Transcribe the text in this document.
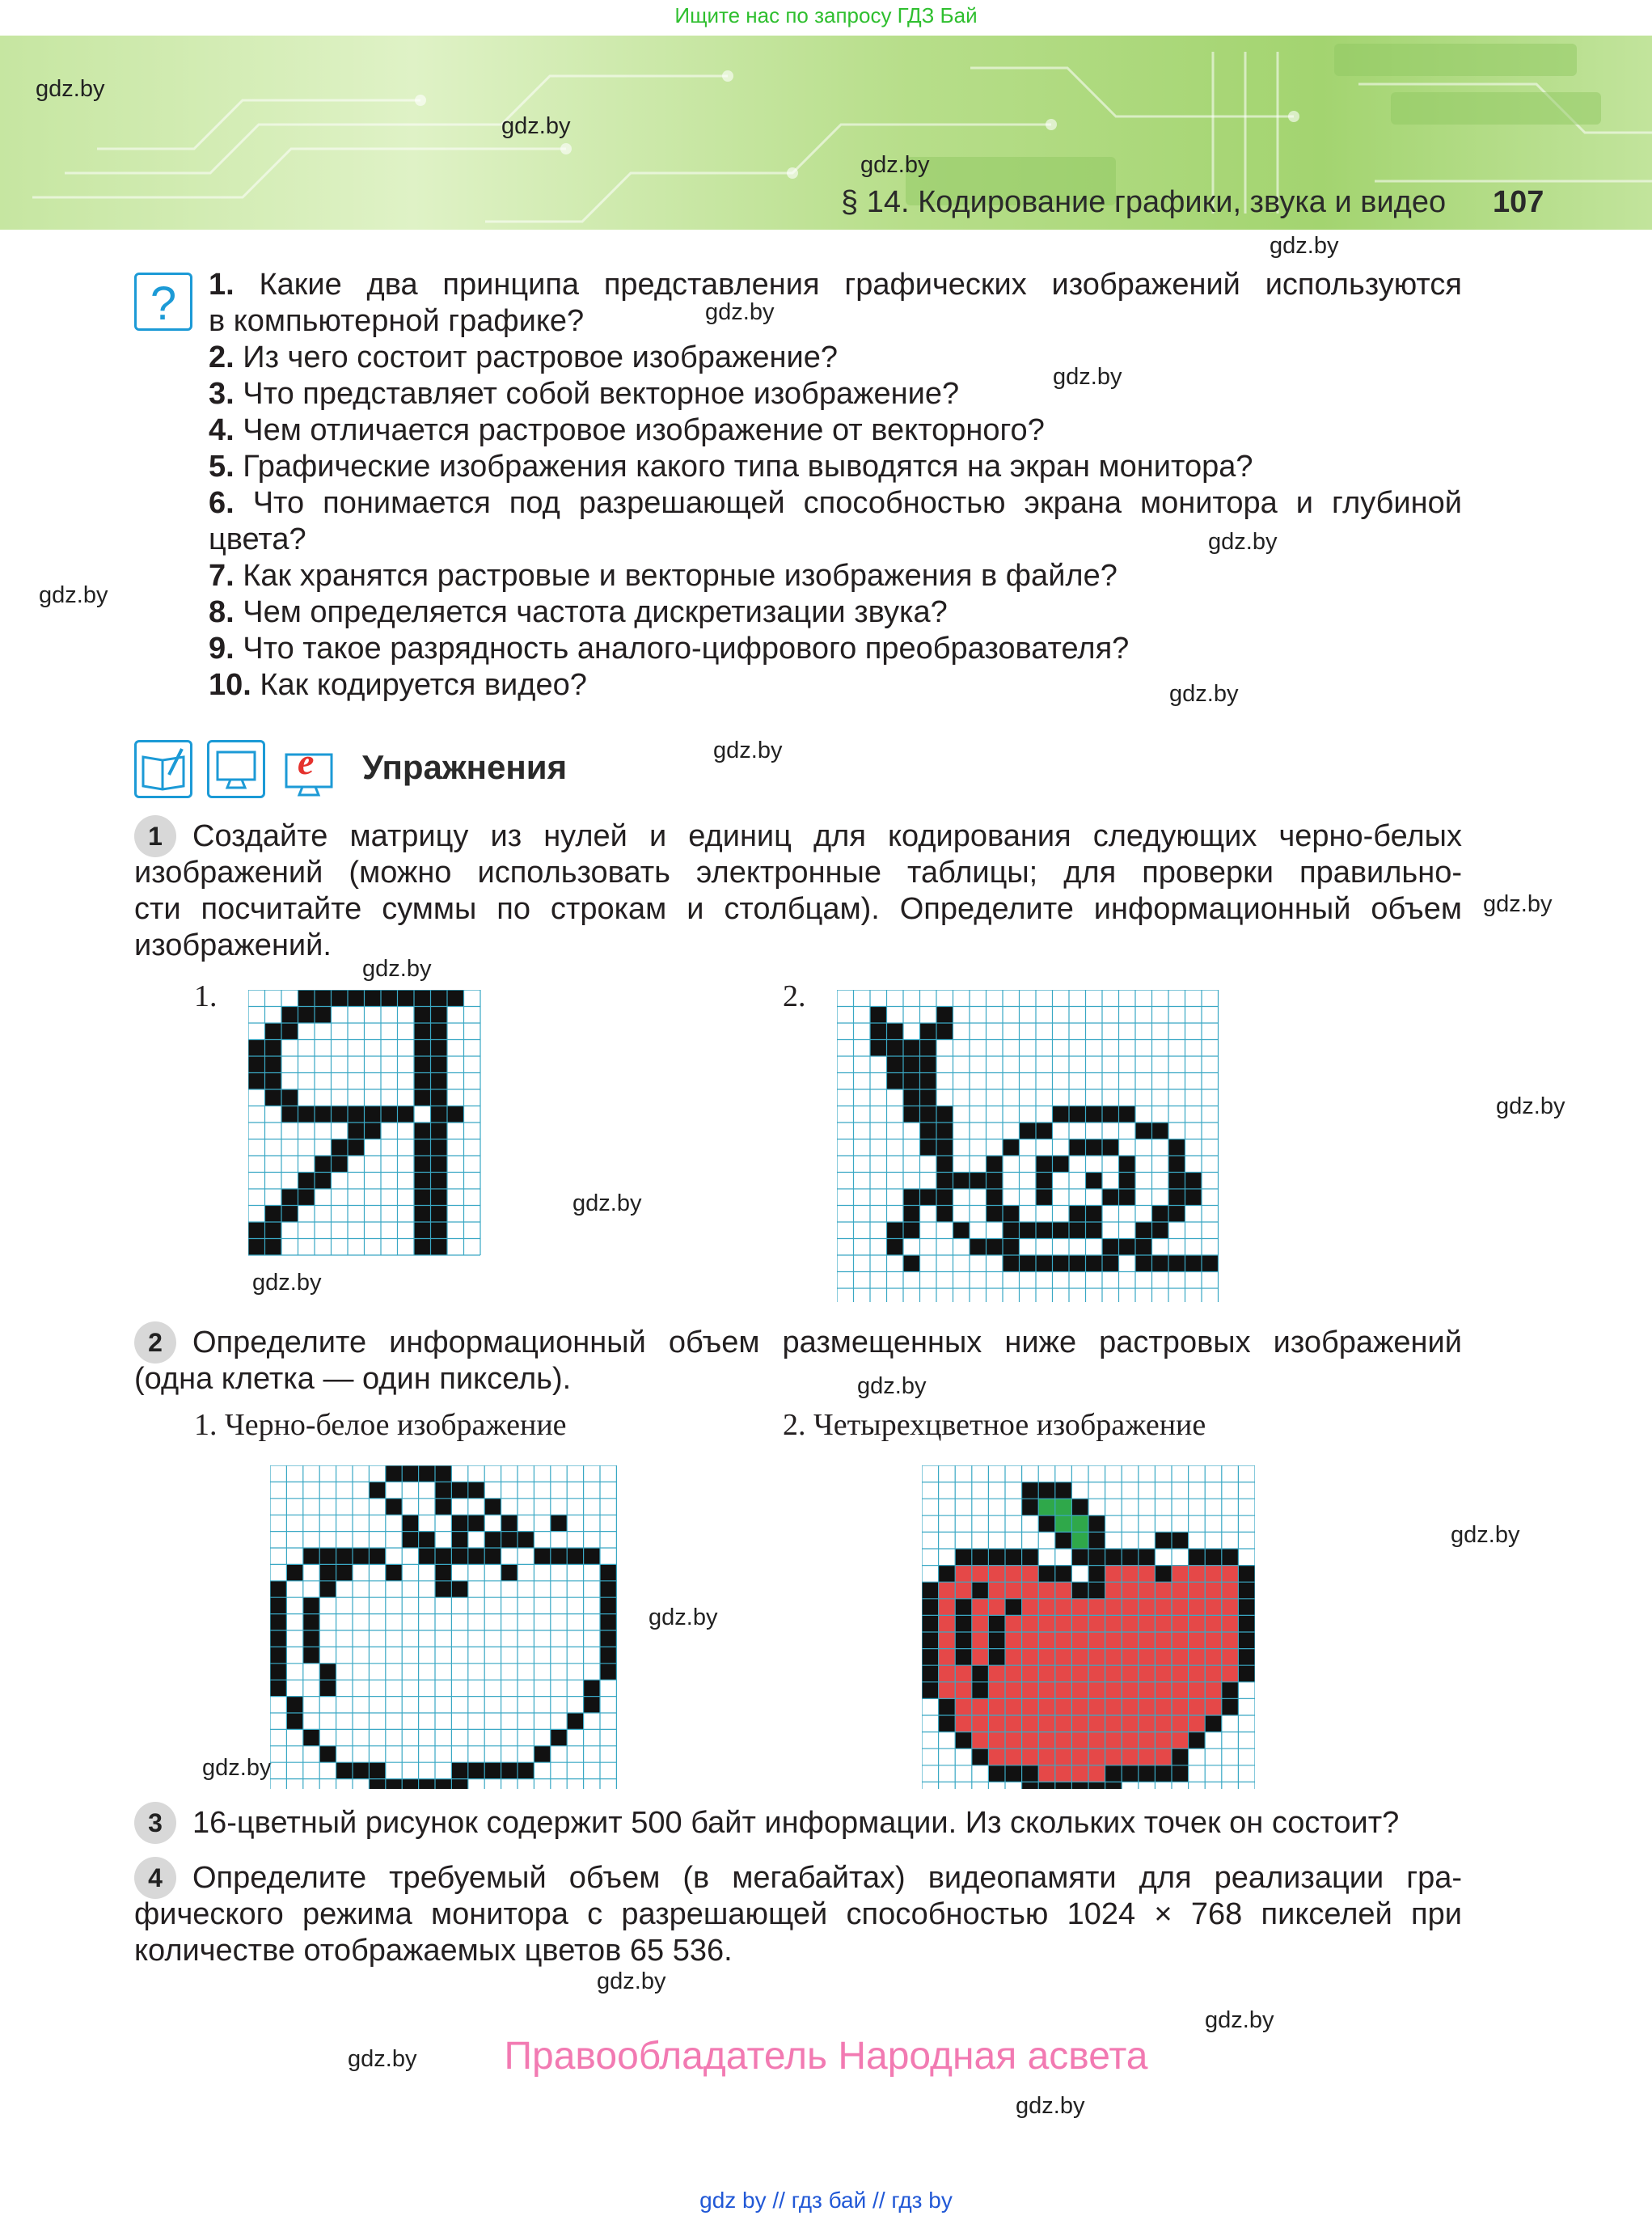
Ищите нас по запросу ГДЗ Бай
§ 14. Кодирование графики, звука и видео 107
gdz.by
gdz.by
gdz.by
gdz.by
gdz.by
gdz.by
gdz.by
gdz.by
gdz.by
gdz.by
gdz.by
gdz.by
gdz.by
gdz.by
gdz.by
gdz.by
gdz.by
gdz.by
gdz.by
gdz.by
gdz.by
gdz.by
gdz.by
?	1. Какие два принципа представления графических изображений используются
в компьютерной графике?
2. Из чего состоит растровое изображение?
3. Что представляет собой векторное изображение?
4. Чем отличается растровое изображение от векторного?
5. Графические изображения какого типа выводятся на экран монитора?
6. Что понимается под разрешающей способностью экрана монитора и глубиной
цвета?
7. Как хранятся растровые и векторные изображения в файле?
8. Чем определяется частота дискретизации звука?
9. Что такое разрядность аналого-цифрового преобразователя?
10. Как кодируется видео?
e Упражнения
1 Создайте матрицу из нулей и единиц для кодирования следующих черно-белых
изображений (можно использовать электронные таблицы; для проверки правильно-
сти посчитайте суммы по строкам и столбцам). Определите информационный объем
изображений.
1.	2.
2 Определите информационный объем размещенных ниже растровых изображений
(одна клетка — один пиксель).
1. Черно-белое изображение	2. Четырехцветное изображение
3 16-цветный рисунок содержит 500 байт информации. Из скольких точек он состоит?
4 Определите требуемый объем (в мегабайтах) видеопамяти для реализации гра-
фического режима монитора с разрешающей способностью 1024 × 768 пикселей при
количестве отображаемых цветов 65 536.
Правообладатель Народная асвета
gdz by // гдз бай // гдз by
